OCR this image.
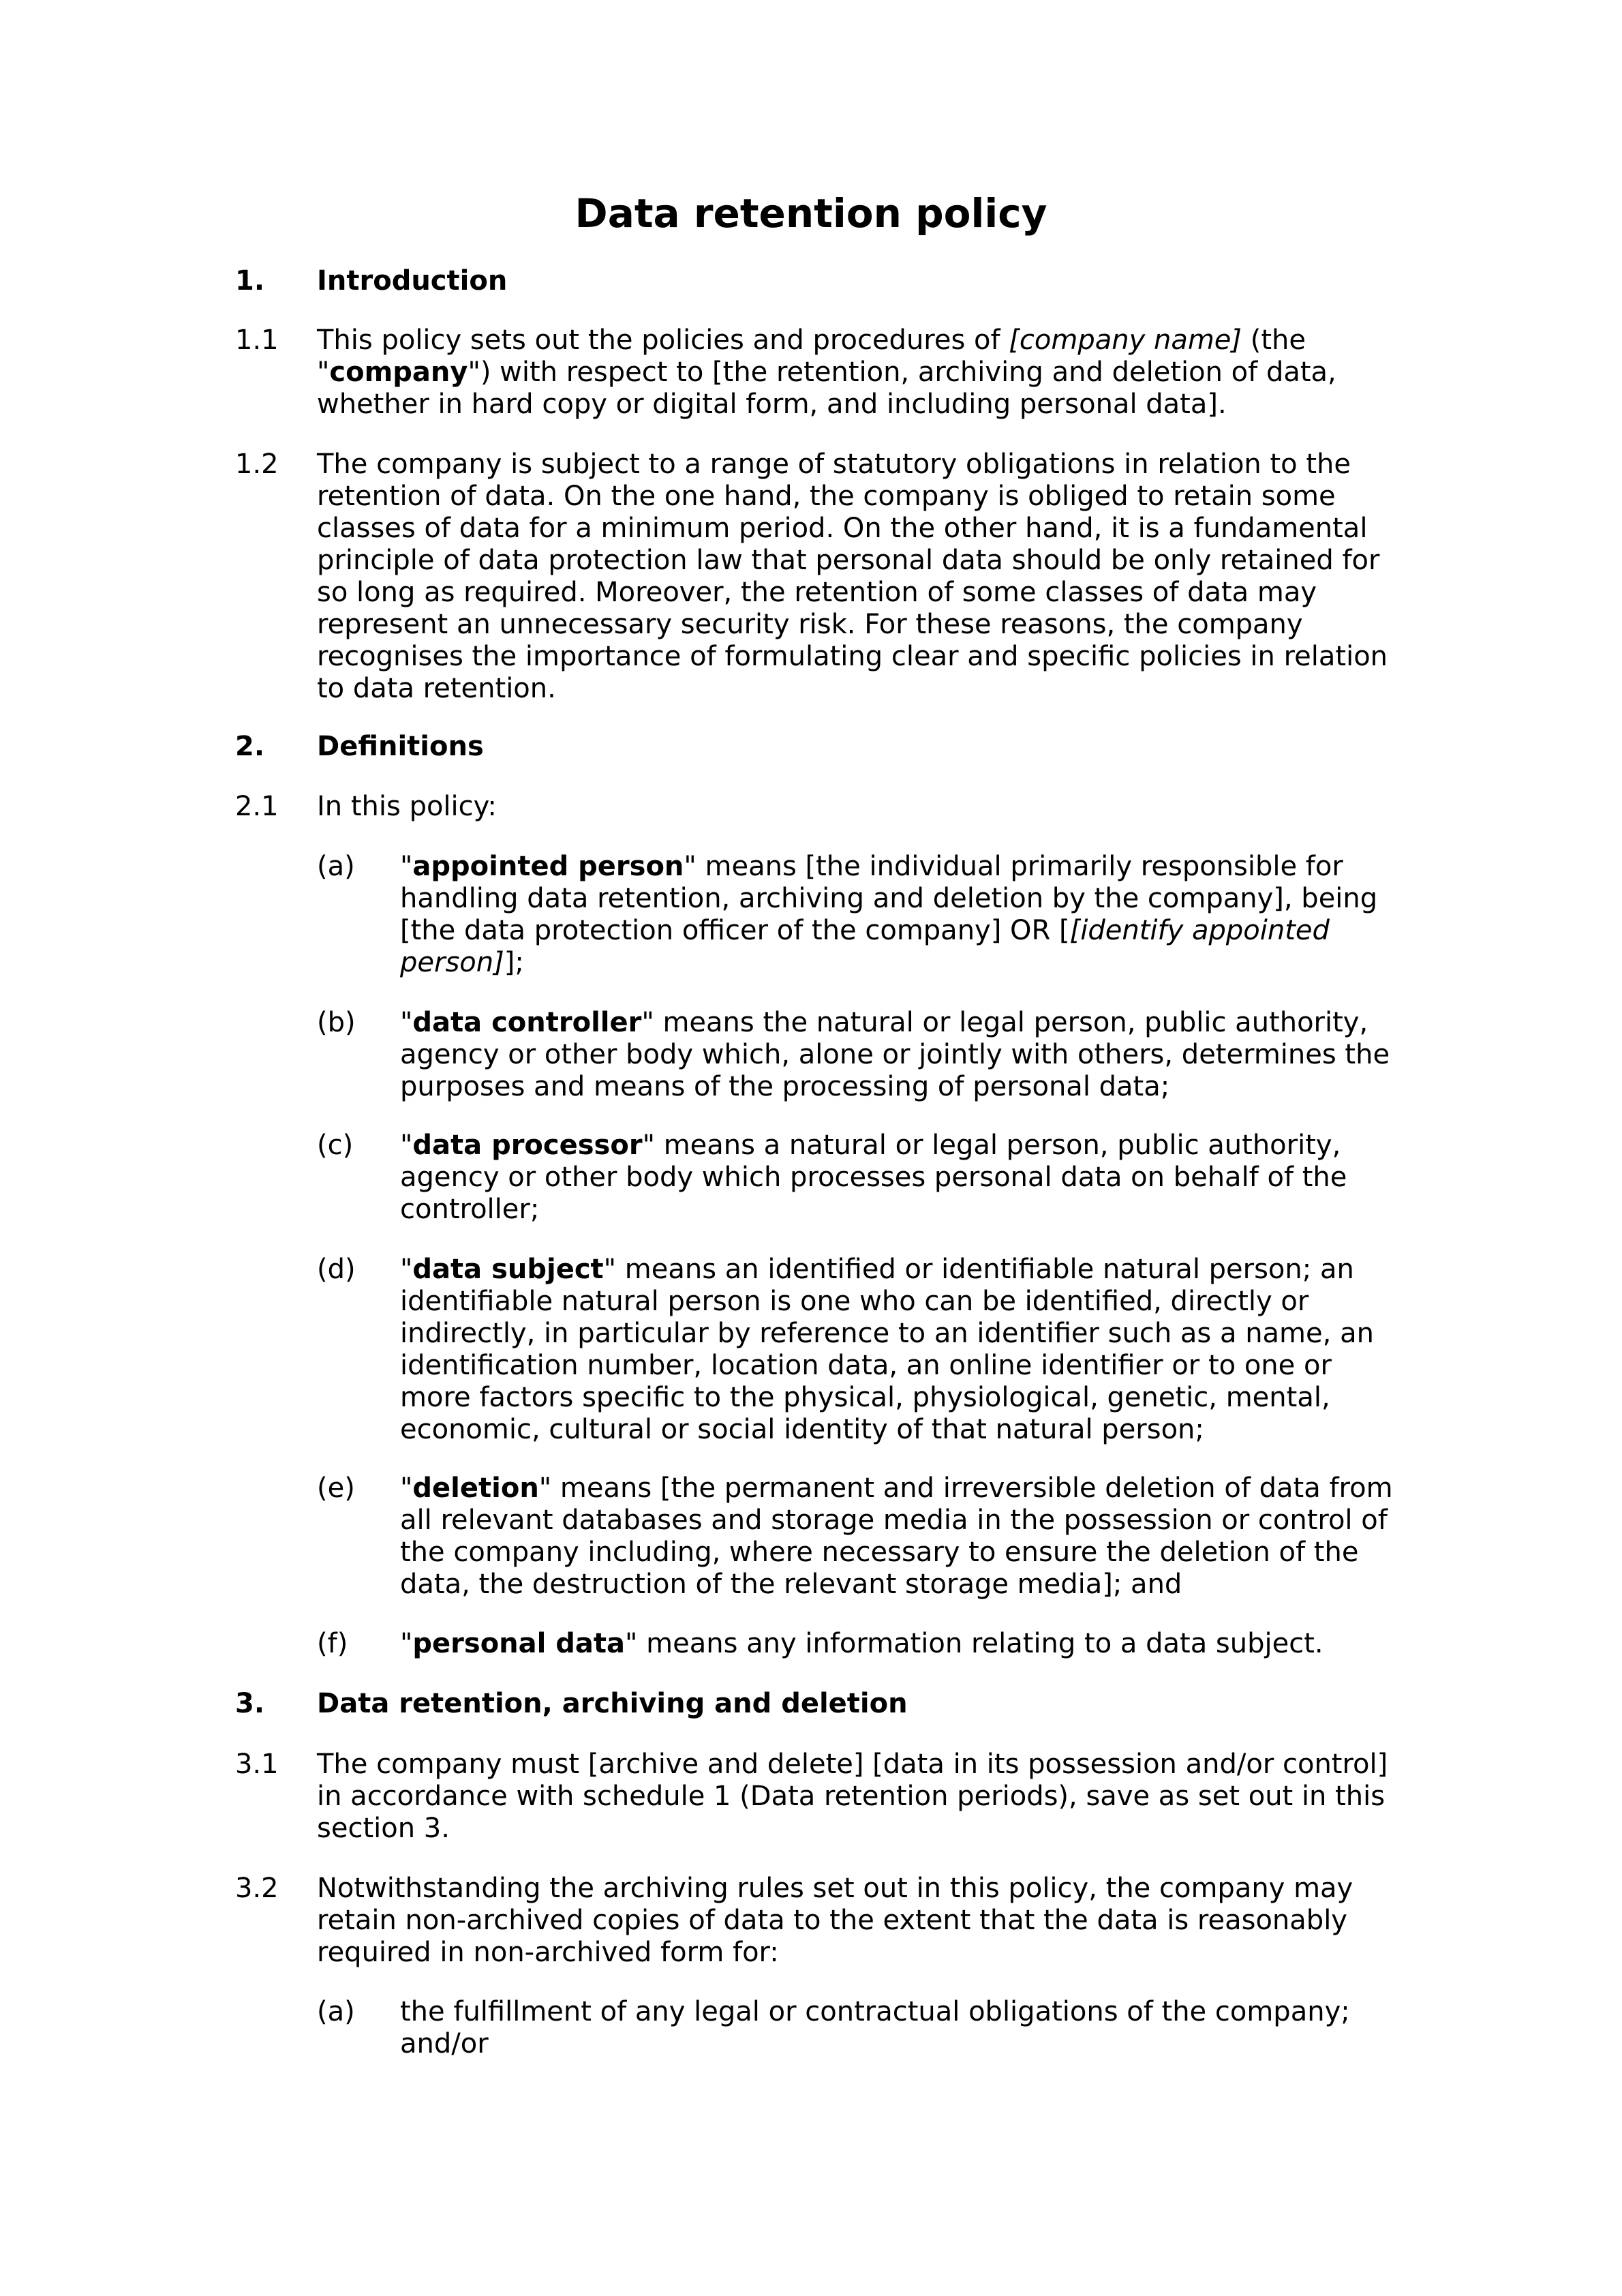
Data retention policy
1. Introduction
1.1 This policy sets out the policies and procedures of [company name] (the
"company") with respect to [the retention, archiving and deletion of data,
whether in hard copy or digital form, and including personal data].
1.2 The company is subject to a range of statutory obligations in relation to the
retention of data. On the one hand, the company is obliged to retain some
classes of data for a minimum period. On the other hand, it is a fundamental
principle of data protection law that personal data should be only retained for
so long as required. Moreover, the retention of some classes of data may
represent an unnecessary security risk. For these reasons, the company
recognises the importance of formulating clear and specific policies in relation
to data retention.
2. Definitions
2.1 In this policy:
(a) "appointed person" means [the individual primarily responsible for
handling data retention, archiving and deletion by the company], being
[the data protection officer of the company] OR [[identify appointed
person]];
(b) "data controller" means the natural or legal person, public authority,
agency or other body which, alone or jointly with others, determines the
purposes and means of the processing of personal data;
(c) "data processor" means a natural or legal person, public authority,
agency or other body which processes personal data on behalf of the
controller;
(d) "data subject" means an identified or identifiable natural person; an
identifiable natural person is one who can be identified, directly or
indirectly, in particular by reference to an identifier such as a name, an
identification number, location data, an online identifier or to one or
more factors specific to the physical, physiological, genetic, mental,
economic, cultural or social identity of that natural person;
(e) "deletion" means [the permanent and irreversible deletion of data from
all relevant databases and storage media in the possession or control of
the company including, where necessary to ensure the deletion of the
data, the destruction of the relevant storage media]; and
(f) "personal data" means any information relating to a data subject.
3. Data retention, archiving and deletion
3.1 The company must [archive and delete] [data in its possession and/or control]
in accordance with schedule 1 (Data retention periods), save as set out in this
section 3.
3.2 Notwithstanding the archiving rules set out in this policy, the company may
retain non-archived copies of data to the extent that the data is reasonably
required in non-archived form for:
(a) the fulfillment of any legal or contractual obligations of the company;
and/or
